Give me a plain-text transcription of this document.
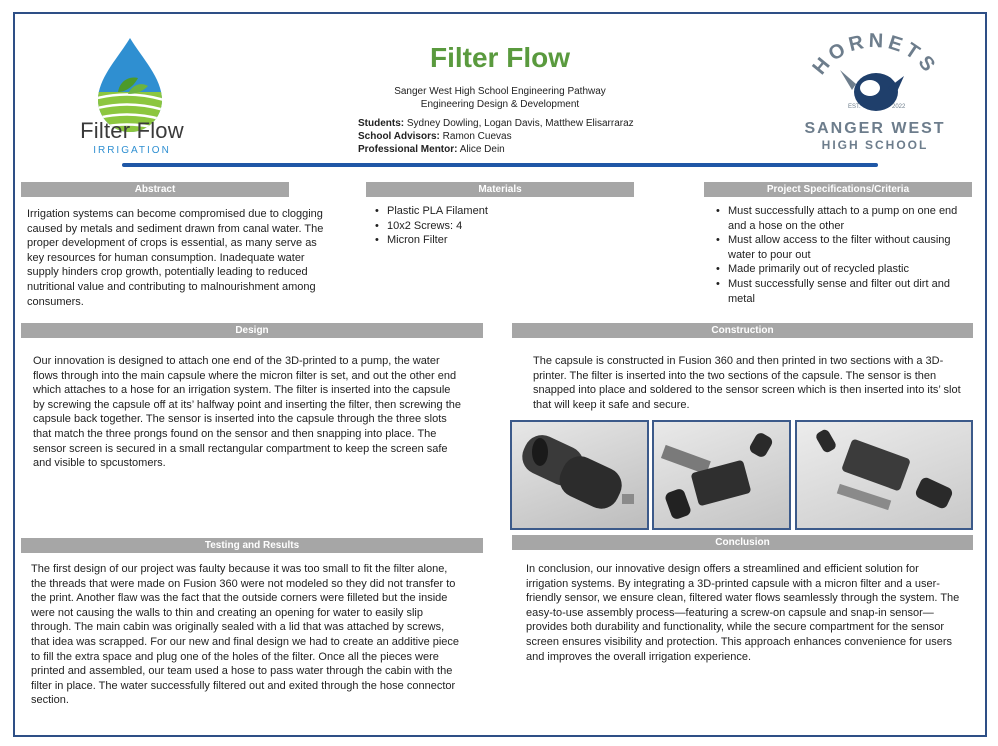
Filter Flow
IRRIGATION
Filter Flow
Sanger West High School Engineering Pathway
Engineering Design & Development
Students: Sydney Dowling, Logan Davis, Matthew Elisarraraz
School Advisors: Ramon Cuevas
Professional Mentor: Alice Dein
HORNETS
EST.	2022
SANGER WEST
HIGH SCHOOL
Abstract
Irrigation systems can become compromised due to clogging caused by metals and sediment drawn from canal water. The proper development of crops is essential, as many serve as key resources for human consumption. Inadequate water supply hinders crop growth, potentially leading to reduced nutritional value and contributing to malnourishment among consumers.
Materials
• Plastic PLA Filament
• 10x2 Screws: 4
• Micron Filter
Project Specifications/Criteria
• Must successfully attach to a pump on one end and a hose on the other
• Must allow access to the filter without causing water to pour out
• Made primarily out of recycled plastic
• Must successfully sense and filter out dirt and metal
Design
Our innovation is designed to attach one end of the 3D-printed to a pump, the water flows through into the main capsule where the micron filter is set, and out the other end which attaches to a hose for an irrigation system. The filter is inserted into the capsule by screwing the capsule off at its’ halfway point and inserting the filter, then screwing the capsule back together. The sensor is inserted into the capsule through the three slots that match the three prongs found on the sensor and then snapping into place. The sensor screen is secured in a small rectangular compartment to keep the screen safe and visible to spcustomers.
Construction
The capsule is constructed in Fusion 360 and then printed in two sections with a 3D-printer. The filter is inserted into the two sections of the capsule. The sensor is then snapped into place and soldered to the sensor screen which is then inserted into its’ slot that will keep it safe and secure.
Testing and Results
The first design of our project was faulty because it was too small to fit the filter alone, the threads that were made on Fusion 360 were not modeled so they did not transfer to the print. Another flaw was the fact that the outside corners were filleted but the inside were not causing the walls to thin and creating an opening for water to easily slip through. The main cabin was originally sealed with a lid that was attached by screws, that idea was scrapped. For our new and final design we had to create an additive piece to fill the extra space and plug one of the holes of the filter. Once all the pieces were printed and assembled, our team used a hose to pass water through the cabin with the filter in place. The water successfully filtered out and exited through the hose connector section.
Conclusion
In conclusion, our innovative design offers a streamlined and efficient solution for irrigation systems. By integrating a 3D-printed capsule with a micron filter and a user-friendly sensor, we ensure clean, filtered water flows seamlessly through the system. The easy-to-use assembly process—featuring a screw-on capsule and snap-in sensor—provides both durability and functionality, while the secure compartment for the sensor screen ensures visibility and protection. This approach enhances convenience for users and improves the overall irrigation experience.
